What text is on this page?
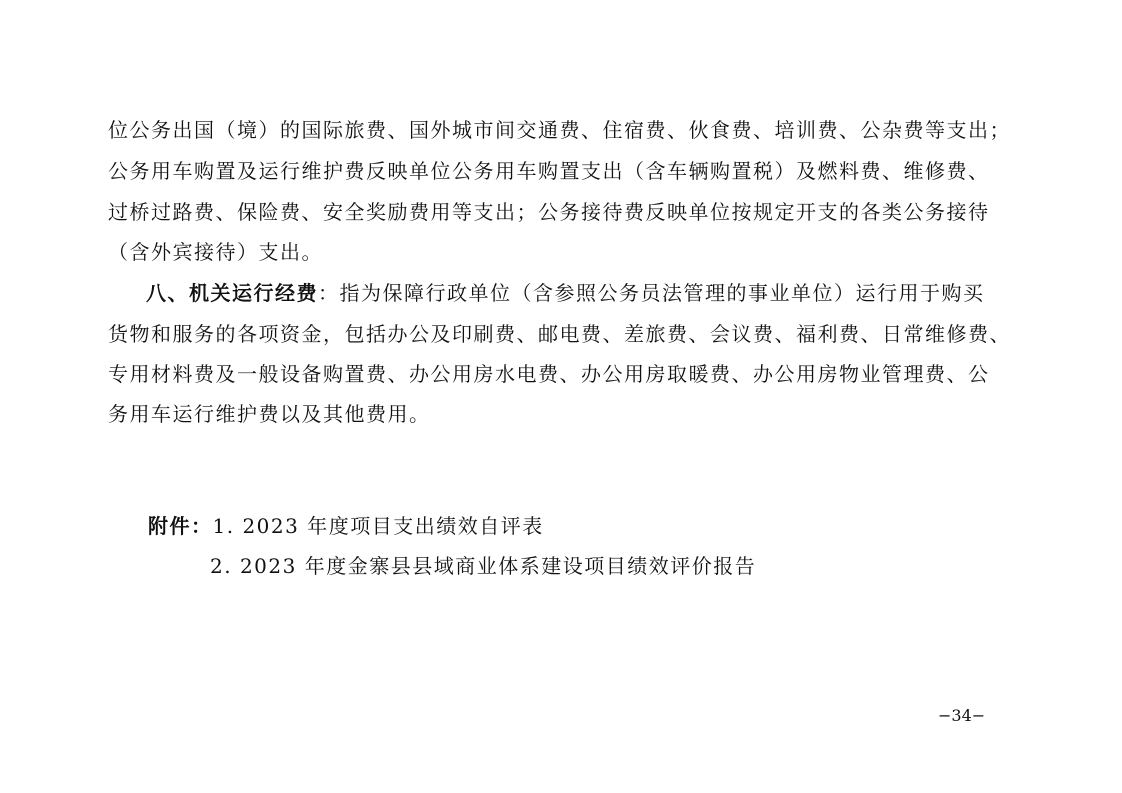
位公务出国（境）的国际旅费、国外城市间交通费、住宿费、伙食费、培训费、公杂费等支出；
公务用车购置及运行维护费反映单位公务用车购置支出（含车辆购置税）及燃料费、维修费、
过桥过路费、保险费、安全奖励费用等支出；公务接待费反映单位按规定开支的各类公务接待
（含外宾接待）支出。
八、机关运行经费：指为保障行政单位（含参照公务员法管理的事业单位）运行用于购买
货物和服务的各项资金，包括办公及印刷费、邮电费、差旅费、会议费、福利费、日常维修费、
专用材料费及一般设备购置费、办公用房水电费、办公用房取暖费、办公用房物业管理费、公
务用车运行维护费以及其他费用。
附件：1. 2023 年度项目支出绩效自评表
2. 2023 年度金寨县县域商业体系建设项目绩效评价报告
−34−
